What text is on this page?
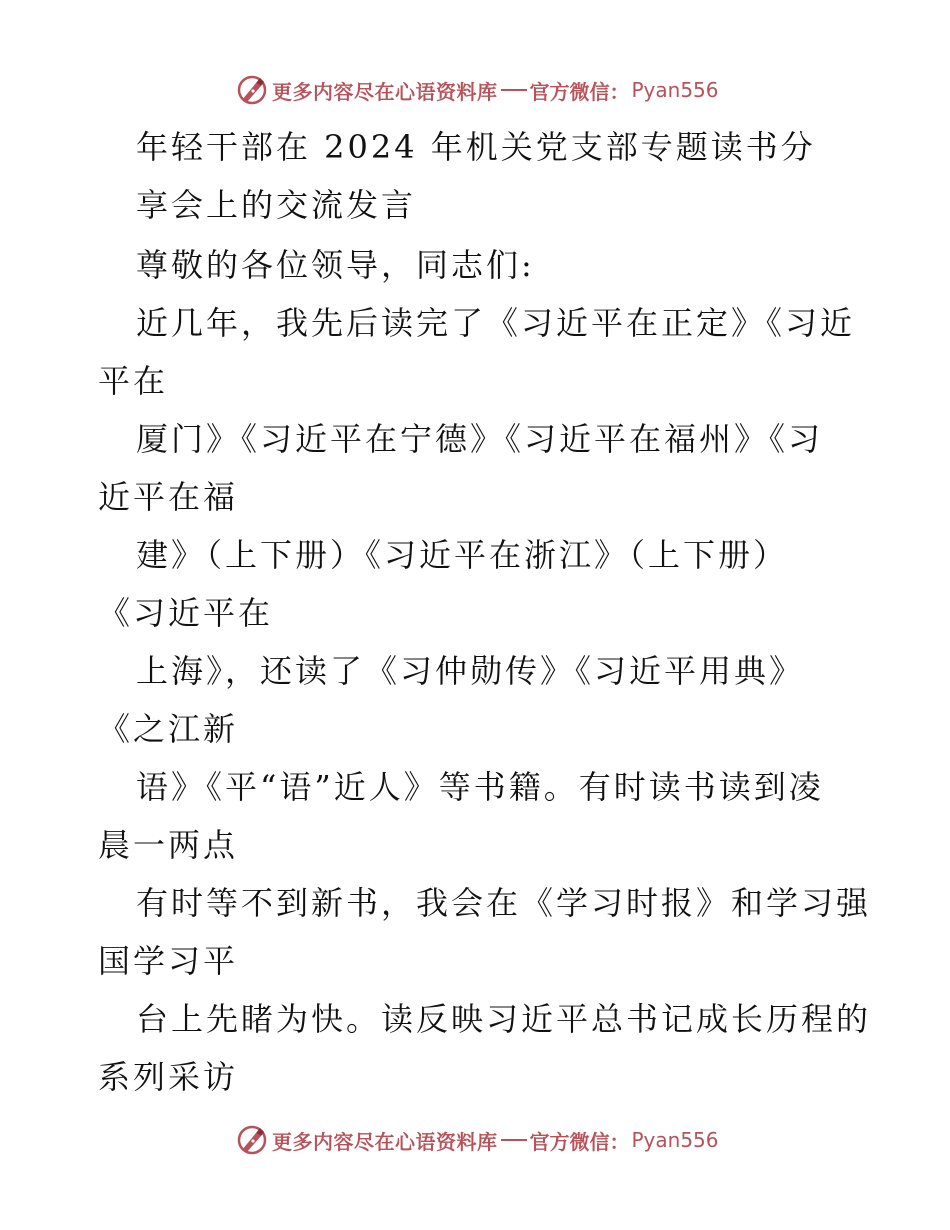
更多内容尽在心语资料库 官方微信： Pyan556
年轻干部在 2024 年机关党支部专题读书分
享会上的交流发言
尊敬的各位领导，同志们:
近几年，我先后读完了《习近平在正定》《习近
平在
厦门》《习近平在宁德》《习近平在福州》《习
近平在福
建》（上下册）《习近平在浙江》（上下册）
《习近平在
上海》，还读了《习仲勋传》《习近平用典》
《之江新
语》《平“语”近人》等书籍。有时读书读到凌
晨一两点
有时等不到新书，我会在《学习时报》和学习强
国学习平
台上先睹为快。读反映习近平总书记成长历程的
系列采访
更多内容尽在心语资料库 官方微信： Pyan556
